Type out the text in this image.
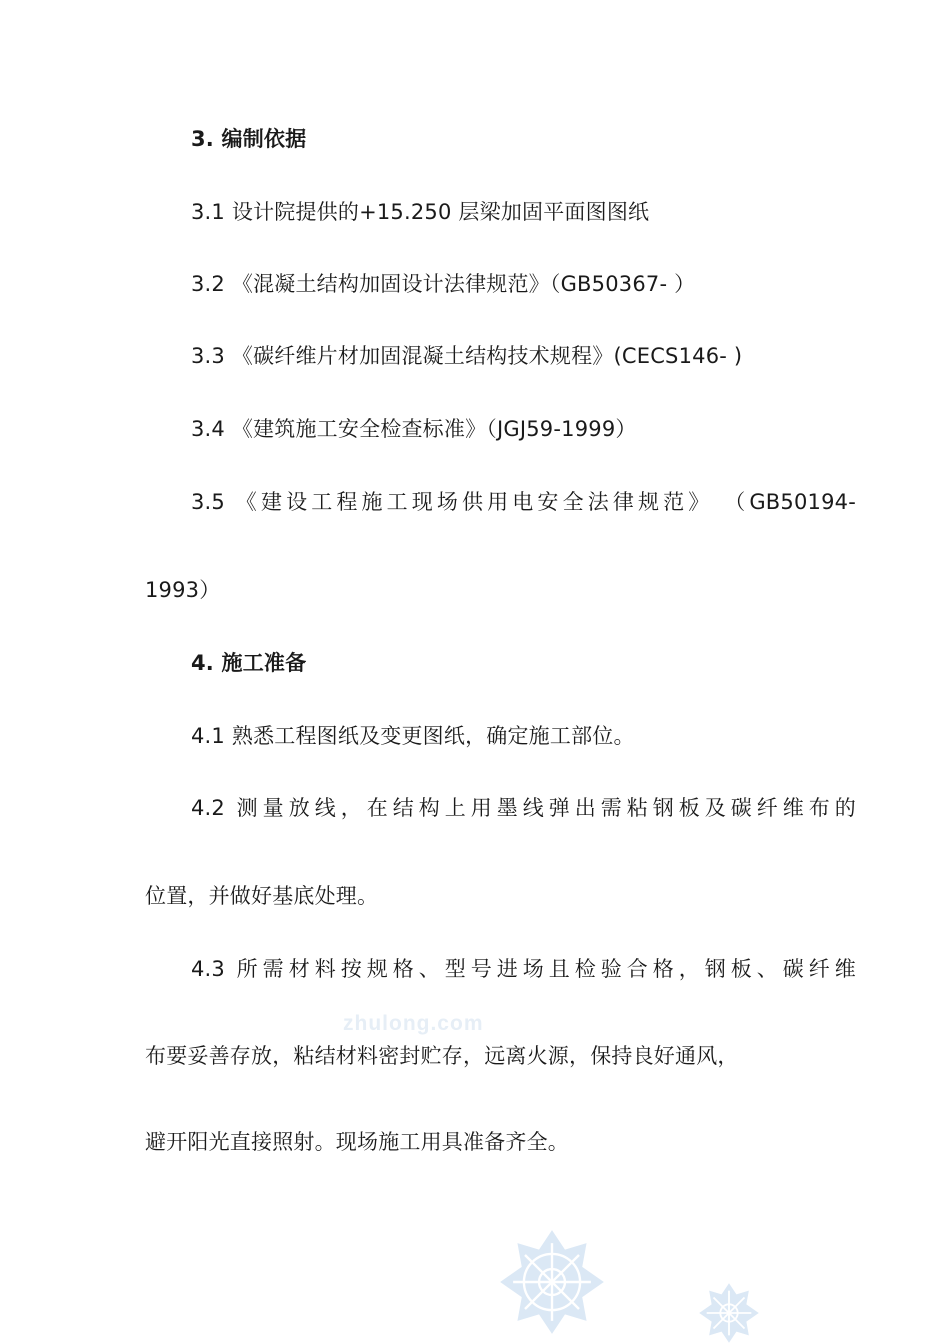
3. 编制依据
3.1 设计院提供的+15.250 层梁加固平面图图纸
3.2 《混凝土结构加固设计法律规范》（GB50367- ）
3.3 《碳纤维片材加固混凝土结构技术规程》(CECS146- )
3.4 《建筑施工安全检查标准》（JGJ59-1999）
3.5 《建设工程施工现场供用电安全法律规范》 （GB50194-
1993）
4. 施工准备
4.1 熟悉工程图纸及变更图纸，确定施工部位。
4.2 测量放线，在结构上用墨线弹出需粘钢板及碳纤维布的
位置，并做好基底处理。
4.3 所需材料按规格、型号进场且检验合格，钢板、碳纤维
布要妥善存放，粘结材料密封贮存，远离火源，保持良好通风，
避开阳光直接照射。现场施工用具准备齐全。
zhulong.com
